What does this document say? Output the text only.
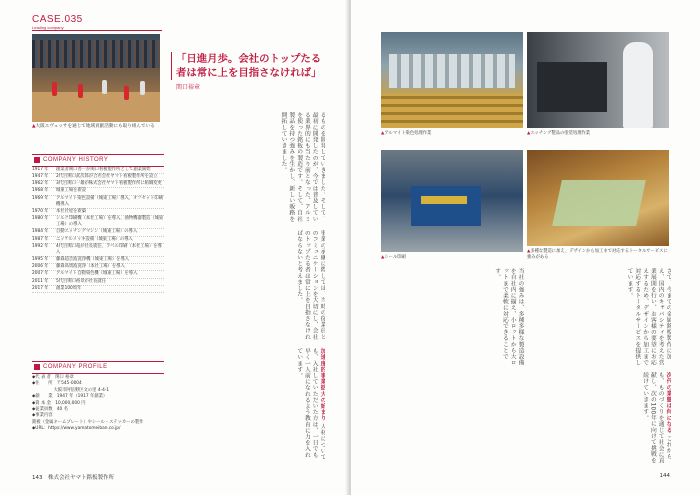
CASE.035
Leading company
▲大阪エヴェッサを通じて地域貢献活動にも取り組んでいる
「日進月歩。会社のトップたる者は常に上を目指さなければ」
関口裕章
るものを開発していきました。そして、最初に開発したのが、今では普及している業界的にも当たり前となった、アルミを使った銘板の製造です。そして、自社製品を持つ強みを生かし、新しい販路を開拓していきました。
事業の承継に際しては、当時の従業員とのコミュニケーションを大切にし、会社のトップたる者は常に上を目指さなければならないと考えました。
加速度的事業拡大の始まり 人材についても、入社していただいた方は、一日でも早く一人前になれるよう教育に力を入れています。
COMPANY HISTORY
1917 年	創業者関口善一が関口看板製作所として創業開始
1947 年	2代目関口武次郎が合名会社ヤマト看板製作所を設立
1962 年	3代目関口一雄が株式会社ヤマト看板製作所に組織変更
1968 年	城東工場を新設
1969 年	アルマイト染色設備（城東工場）導入、オフセット印刷機導入
1970 年	本社社屋を新築
1980 年	シルク印刷機（本社工場）を導入、曲物機器製造（城東工場）の導入
1984 年	自動エッチングマシン（城東工場）の導入
1987 年	ニッケルメッキ設備（城東工場）の導入
1992 年	4代目関口竜が社長就任、ラベル印刷（本社工場）を導入
1995 年	藤森超音波洗浄機（城東工場）を導入
2006 年	藤森高周波洗浄（本社工場）を導入
2007 年	アルマイト自動染色機（城東工場）を導入
2011 年	5代目関口裕章が社長就任
2017 年	創業100周年
COMPANY PROFILE
◆代 表 者　関口 裕章
◆住　　所　〒545-0004
　　　　　大阪市阿倍野区文の里 4-4-1
◆創　　業　1947 年（1917 年創業）
◆資 本 金　10,000,000 円
◆従業員数　40 名
◆事業内容
銘板（金属ネームプレート）やシール・ステッカーの製作
◆URL：https://www.yamatomeiban.co.jp/
143　株式会社ヤマト銘板製作所
▲アルマイト染色処理作業	▲エッチング製品の塗装処理作業
▲シール印刷
▲多種な製造に加え、デザインから加工まで対応するトータルサービスに強みがある
さて、今までの金属銘板製作に加え、国内のキャパシティを考えた営業展開を行い、お客様の要望にお応えするため、デザインから加工まで対応するトータルサービスを提供しています。
当社の強みは、多種多様な製造設備を自社内に揃え、小ロットから大ロットまで柔軟に対応できることです。
次代の業態は何になる これからも、ものづくりを通じて社会に貢献し、次の100年に向けて挑戦を続けていきます。
144
